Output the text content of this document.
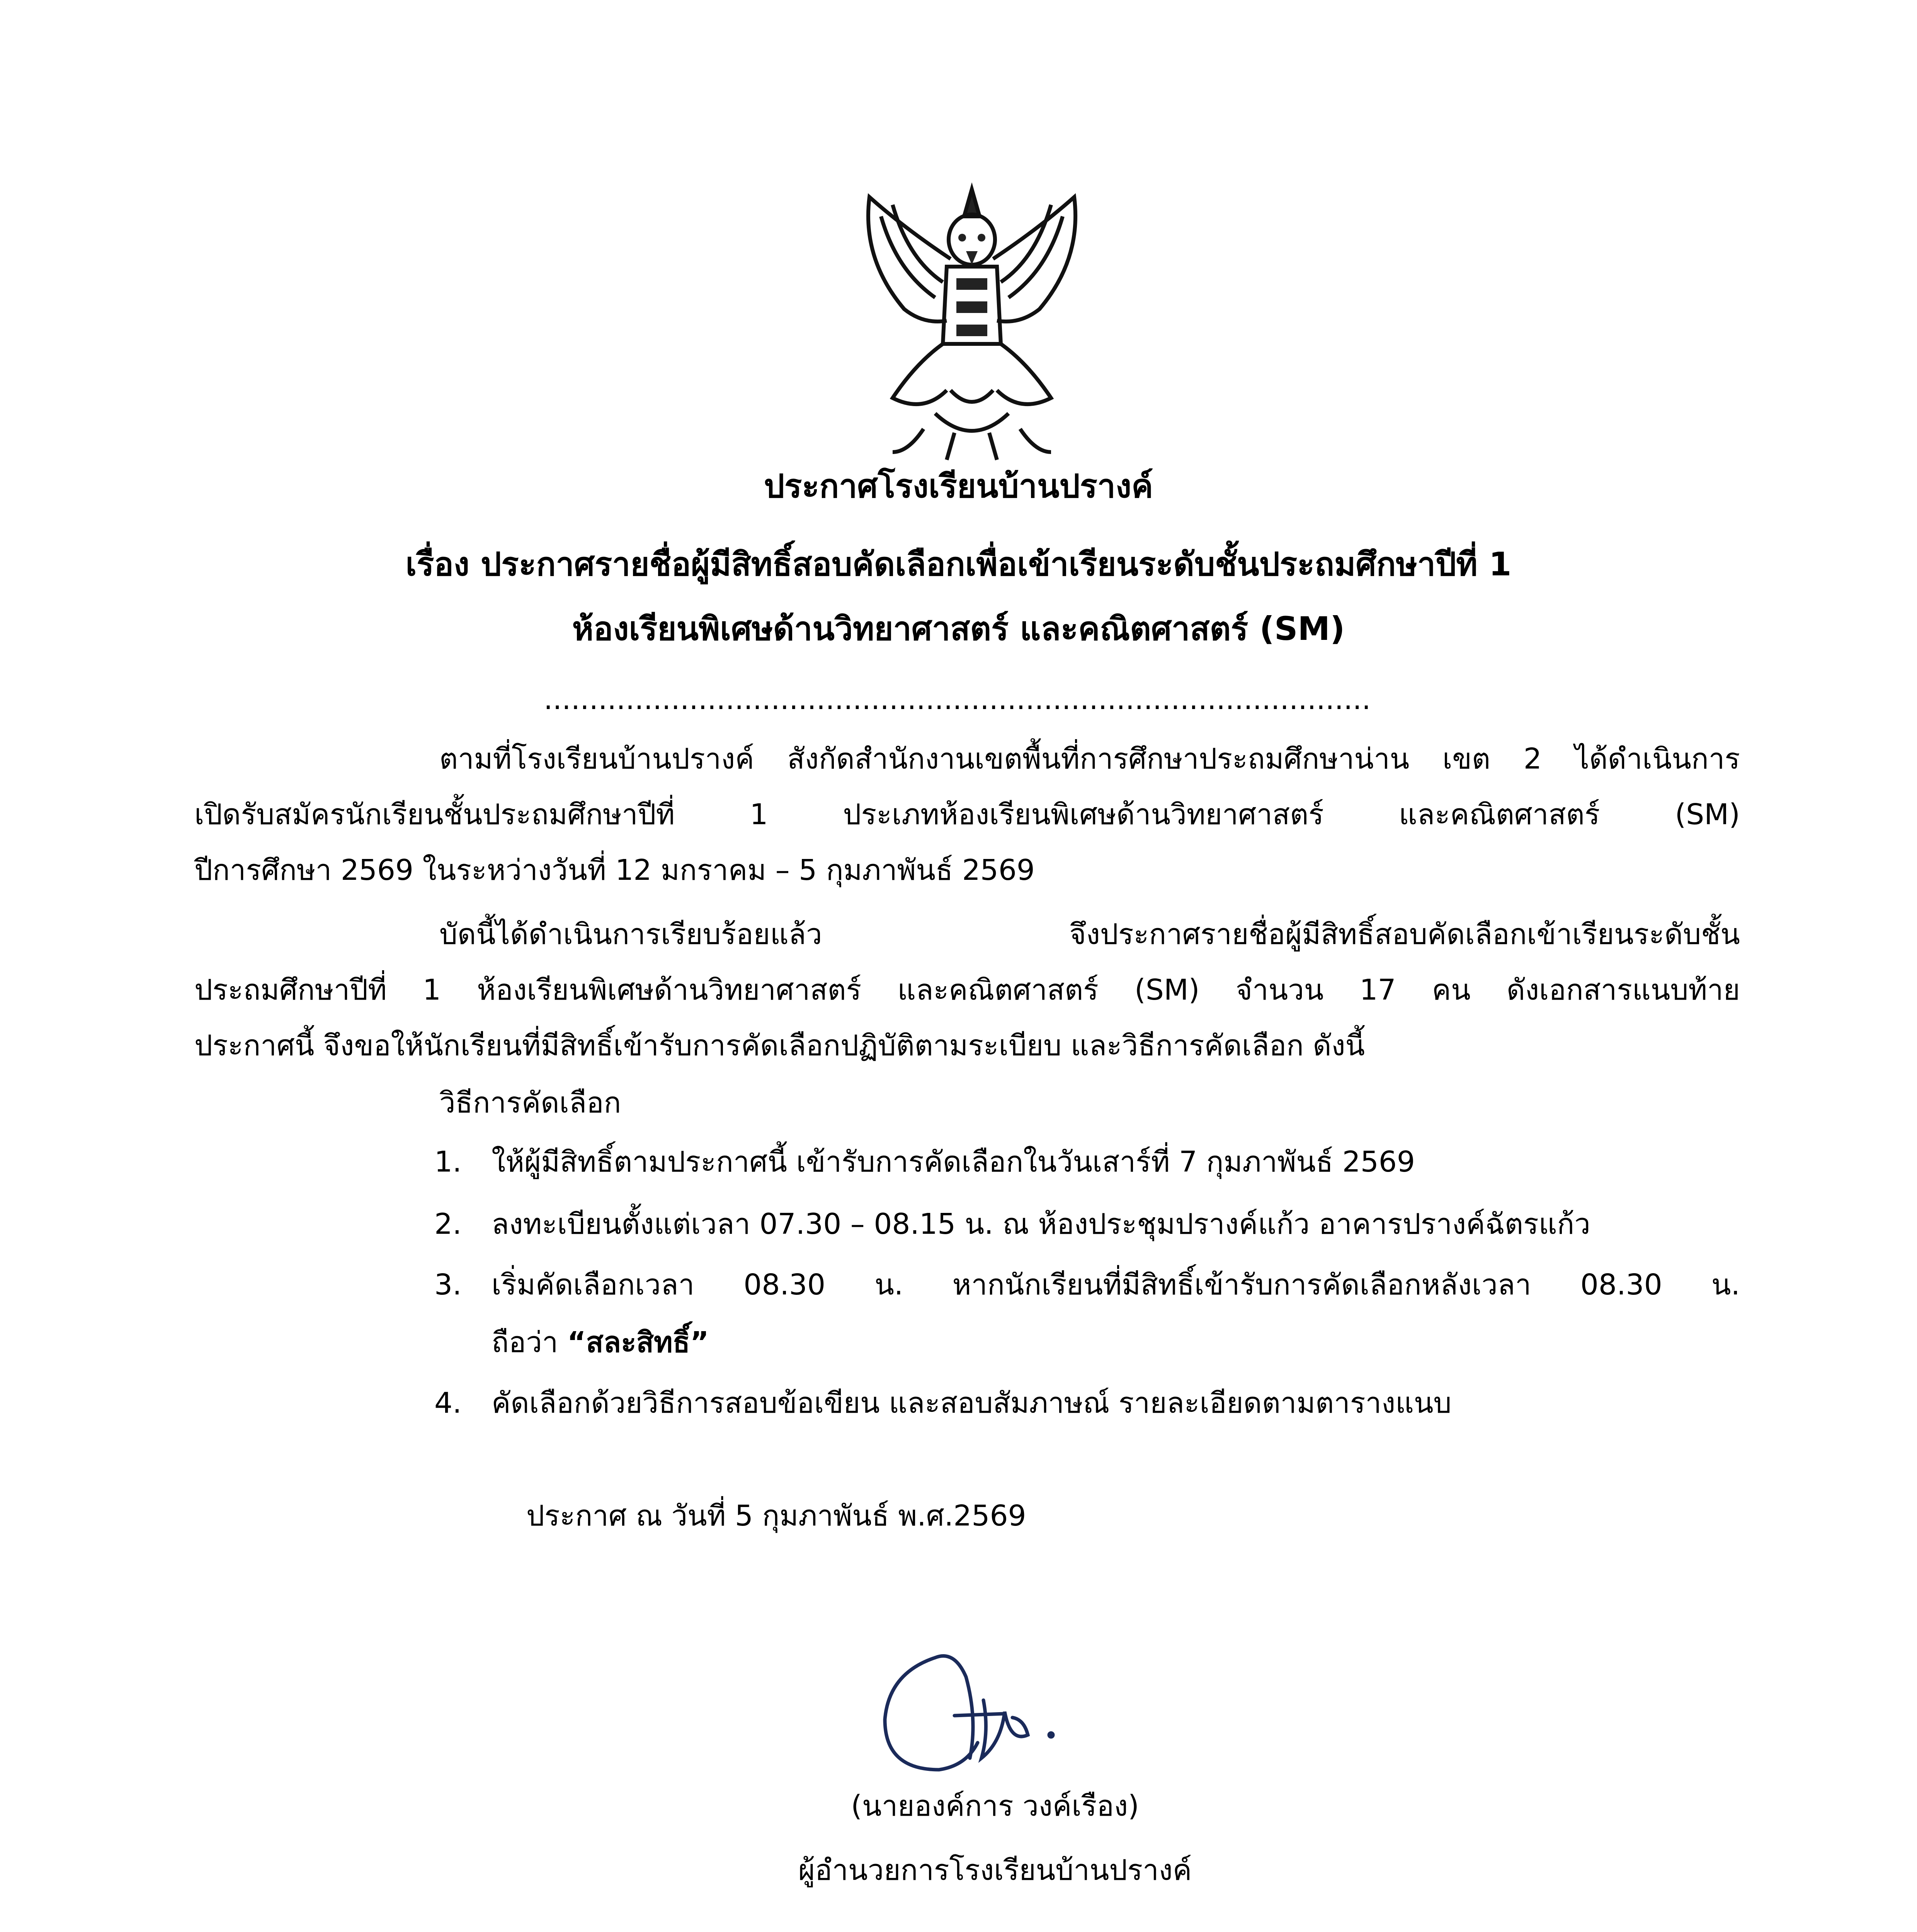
ประกาศโรงเรียนบ้านปรางค์
เรื่อง ประกาศรายชื่อผู้มีสิทธิ์สอบคัดเลือกเพื่อเข้าเรียนระดับชั้นประถมศึกษาปีที่ 1
ห้องเรียนพิเศษด้านวิทยาศาสตร์ และคณิตศาสตร์ (SM)
...........................................................................................
ตามที่โรงเรียนบ้านปรางค์ สังกัดสำนักงานเขตพื้นที่การศึกษาประถมศึกษาน่าน เขต 2 ได้ดำเนินการ
เปิดรับสมัครนักเรียนชั้นประถมศึกษาปีที่ 1 ประเภทห้องเรียนพิเศษด้านวิทยาศาสตร์ และคณิตศาสตร์ (SM)
ปีการศึกษา 2569 ในระหว่างวันที่ 12 มกราคม – 5 กุมภาพันธ์ 2569
บัดนี้ได้ดำเนินการเรียบร้อยแล้ว จึงประกาศรายชื่อผู้มีสิทธิ์สอบคัดเลือกเข้าเรียนระดับชั้น
ประถมศึกษาปีที่ 1 ห้องเรียนพิเศษด้านวิทยาศาสตร์ และคณิตศาสตร์ (SM) จำนวน 17 คน ดังเอกสารแนบท้าย
ประกาศนี้ จึงขอให้นักเรียนที่มีสิทธิ์เข้ารับการคัดเลือกปฏิบัติตามระเบียบ และวิธีการคัดเลือก ดังนี้
วิธีการคัดเลือก
1. ให้ผู้มีสิทธิ์ตามประกาศนี้ เข้ารับการคัดเลือกในวันเสาร์ที่ 7 กุมภาพันธ์ 2569
2. ลงทะเบียนตั้งแต่เวลา 07.30 – 08.15 น. ณ ห้องประชุมปรางค์แก้ว อาคารปรางค์ฉัตรแก้ว
3. เริ่มคัดเลือกเวลา 08.30 น. หากนักเรียนที่มีสิทธิ์เข้ารับการคัดเลือกหลังเวลา 08.30 น.
ถือว่า “สละสิทธิ์”
4. คัดเลือกด้วยวิธีการสอบข้อเขียน และสอบสัมภาษณ์ รายละเอียดตามตารางแนบ
ประกาศ ณ วันที่ 5 กุมภาพันธ์ พ.ศ.2569
(นายองค์การ วงค์เรือง)
ผู้อำนวยการโรงเรียนบ้านปรางค์
